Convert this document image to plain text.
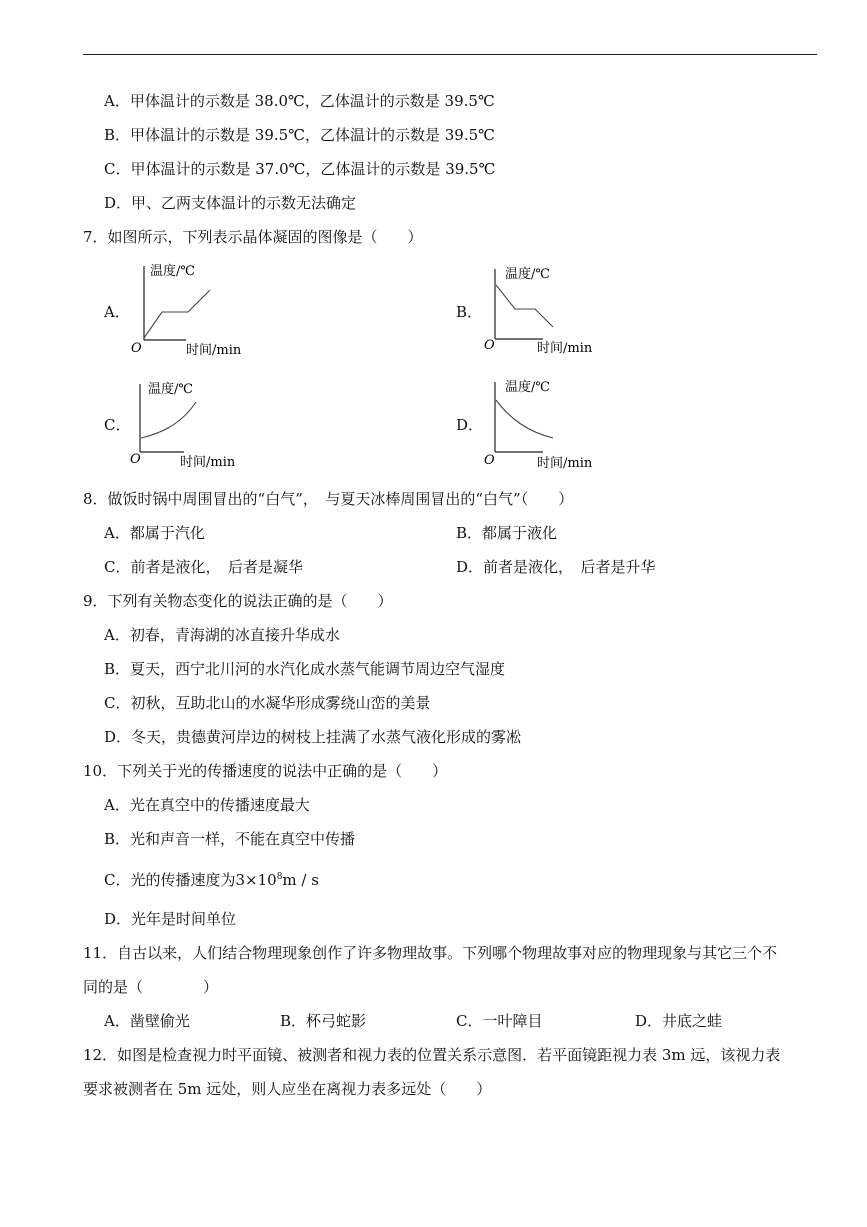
A．甲体温计的示数是 38.0℃，乙体温计的示数是 39.5℃
B．甲体温计的示数是 39.5℃，乙体温计的示数是 39.5℃
C．甲体温计的示数是 37.0℃，乙体温计的示数是 39.5℃
D．甲、乙两支体温计的示数无法确定
7．如图所示，下列表示晶体凝固的图像是（　　）
A．
温度/℃
O	时间/min
B．
温度/℃
O	时间/min
C．
温度/℃
O	时间/min
D．
温度/℃
O	时间/min
8．做饭时锅中周围冒出的“白气”，　与夏天冰棒周围冒出的“白气”（　　）
A．都属于汽化	B．都属于液化
C．前者是液化，　后者是凝华	D．前者是液化，　后者是升华
9．下列有关物态变化的说法正确的是（　　）
A．初春，青海湖的冰直接升华成水
B．夏天，西宁北川河的水汽化成水蒸气能调节周边空气湿度
C．初秋，互助北山的水凝华形成雾绕山峦的美景
D．冬天，贵德黄河岸边的树枝上挂满了水蒸气液化形成的雾凇
10．下列关于光的传播速度的说法中正确的是（　　）
A．光在真空中的传播速度最大
B．光和声音一样，不能在真空中传播
C．光的传播速度为$3\times 10^8m / s$
D．光年是时间单位
11．自古以来，人们结合物理现象创作了许多物理故事。下列哪个物理故事对应的物理现象与其它三个不
同的是（　　　　）
A．凿壁偷光	B．杯弓蛇影	C．一叶障目	D．井底之蛙
12．如图是检查视力时平面镜、被测者和视力表的位置关系示意图．若平面镜距视力表 3m 远，该视力表
要求被测者在 5m 远处，则人应坐在离视力表多远处（　　）
